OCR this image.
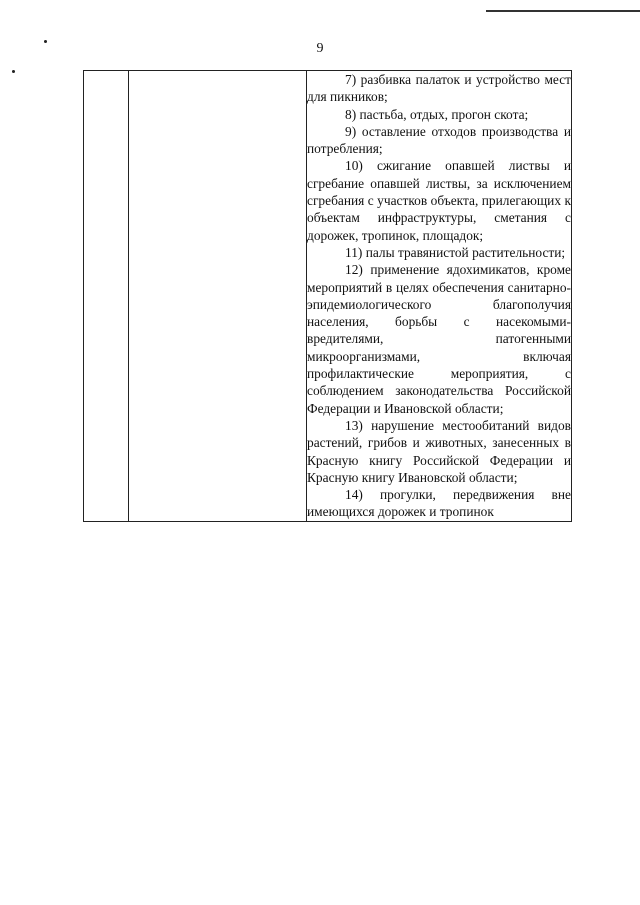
9

7) разбивка палаток и устройство мест для пикников;

8) пастьба, отдых, прогон скота;

9) оставление отходов производства и потребления;

10) сжигание опавшей листвы и сгребание опавшей листвы, за исключением сгребания с участков объекта, прилегающих к объектам инфраструктуры, сметания с дорожек, тропинок, площадок;

11) палы травянистой растительности;

12) применение ядохимикатов, кроме мероприятий в целях обеспечения санитарно-эпидемиологического благополучия населения, борьбы с насекомыми-вредителями, патогенными микроорганизмами, включая профилактические мероприятия, с соблюдением законодательства Российской Федерации и Ивановской области;

13) нарушение местообитаний видов растений, грибов и животных, занесенных в Красную книгу Российской Федерации и Красную книгу Ивановской области;

14) прогулки, передвижения вне имеющихся дорожек и тропинок
